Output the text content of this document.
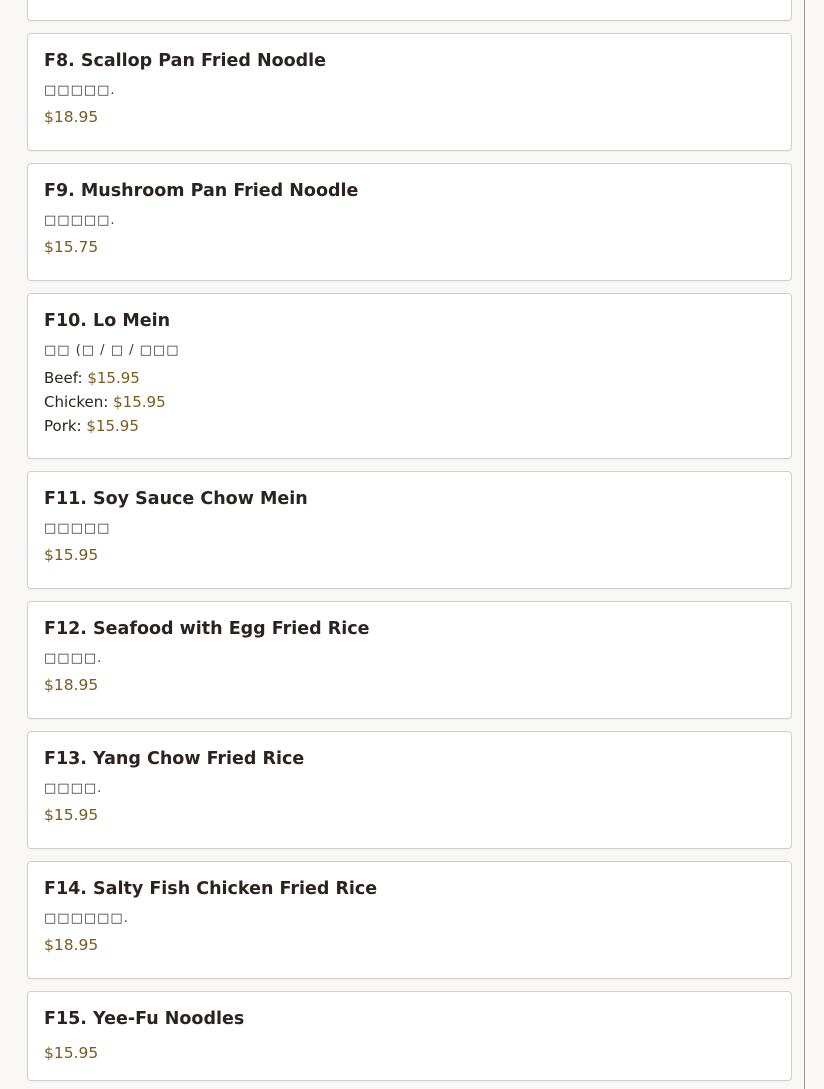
F8. Scallop Pan Fried Noodle
□□□□□.
$18.95
F9. Mushroom Pan Fried Noodle
□□□□□.
$15.75
F10. Lo Mein
□□ (□ / □ / □□□
Beef: $15.95
Chicken: $15.95
Pork: $15.95
F11. Soy Sauce Chow Mein
□□□□□
$15.95
F12. Seafood with Egg Fried Rice
□□□□.
$18.95
F13. Yang Chow Fried Rice
□□□□.
$15.95
F14. Salty Fish Chicken Fried Rice
□□□□□□.
$18.95
F15. Yee-Fu Noodles
$15.95
